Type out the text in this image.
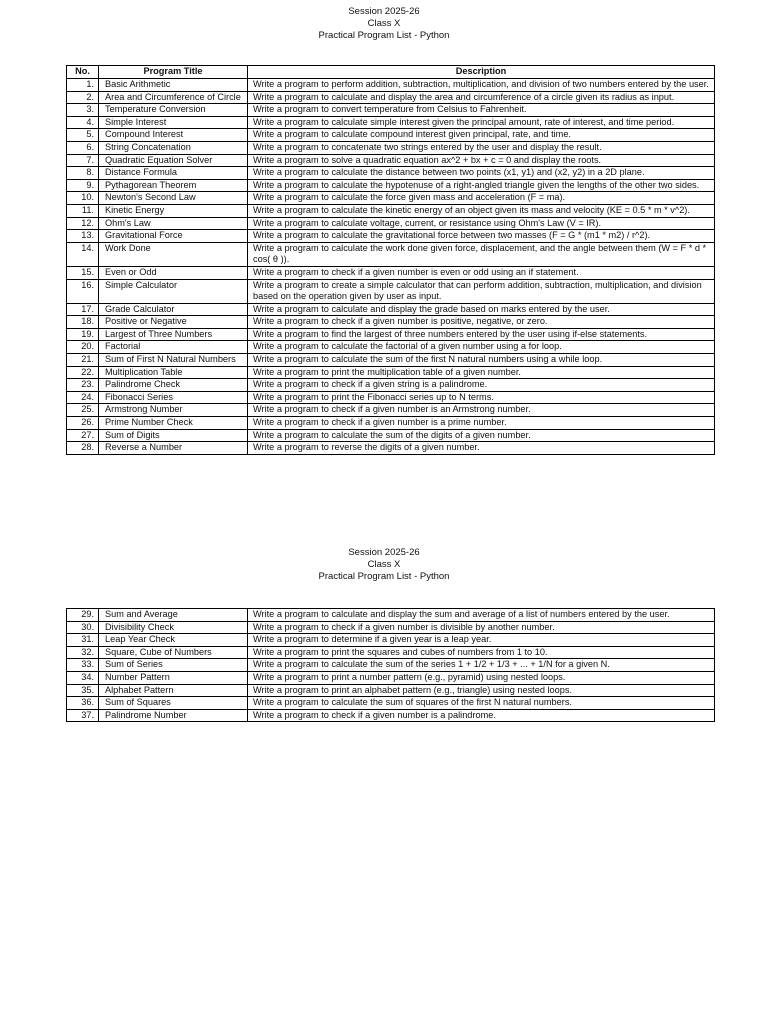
Session 2025-26
Class X
Practical Program List - Python
No.	Program Title	Description
1.	Basic Arithmetic	Write a program to perform addition, subtraction, multiplication, and division of two numbers entered by the user.
2.	Area and Circumference of Circle	Write a program to calculate and display the area and circumference of a circle given its radius as input.
3.	Temperature Conversion	Write a program to convert temperature from Celsius to Fahrenheit.
4.	Simple Interest	Write a program to calculate simple interest given the principal amount, rate of interest, and time period.
5.	Compound Interest	Write a program to calculate compound interest given principal, rate, and time.
6.	String Concatenation	Write a program to concatenate two strings entered by the user and display the result.
7.	Quadratic Equation Solver	Write a program to solve a quadratic equation ax^2 + bx + c = 0 and display the roots.
8.	Distance Formula	Write a program to calculate the distance between two points (x1, y1) and (x2, y2) in a 2D plane.
9.	Pythagorean Theorem	Write a program to calculate the hypotenuse of a right-angled triangle given the lengths of the other two sides.
10.	Newton's Second Law	Write a program to calculate the force given mass and acceleration (F = ma).
11.	Kinetic Energy	Write a program to calculate the kinetic energy of an object given its mass and velocity (KE = 0.5 * m * v^2).
12.	Ohm's Law	Write a program to calculate voltage, current, or resistance using Ohm's Law (V = IR).
13.	Gravitational Force	Write a program to calculate the gravitational force between two masses (F = G * (m1 * m2) / r^2).
14.	Work Done	Write a program to calculate the work done given force, displacement, and the angle between them (W = F * d * cos( θ )).
15.	Even or Odd	Write a program to check if a given number is even or odd using an if statement.
16.	Simple Calculator	Write a program to create a simple calculator that can perform addition, subtraction, multiplication, and division based on the operation given by user as input.
17.	Grade Calculator	Write a program to calculate and display the grade based on marks entered by the user.
18.	Positive or Negative	Write a program to check if a given number is positive, negative, or zero.
19.	Largest of Three Numbers	Write a program to find the largest of three numbers entered by the user using if-else statements.
20.	Factorial	Write a program to calculate the factorial of a given number using a for loop.
21.	Sum of First N Natural Numbers	Write a program to calculate the sum of the first N natural numbers using a while loop.
22.	Multiplication Table	Write a program to print the multiplication table of a given number.
23.	Palindrome Check	Write a program to check if a given string is a palindrome.
24.	Fibonacci Series	Write a program to print the Fibonacci series up to N terms.
25.	Armstrong Number	Write a program to check if a given number is an Armstrong number.
26.	Prime Number Check	Write a program to check if a given number is a prime number.
27.	Sum of Digits	Write a program to calculate the sum of the digits of a given number.
28.	Reverse a Number	Write a program to reverse the digits of a given number.
Session 2025-26
Class X
Practical Program List - Python
29.	Sum and Average	Write a program to calculate and display the sum and average of a list of numbers entered by the user.
30.	Divisibility Check	Write a program to check if a given number is divisible by another number.
31.	Leap Year Check	Write a program to determine if a given year is a leap year.
32.	Square, Cube of Numbers	Write a program to print the squares and cubes of numbers from 1 to 10.
33.	Sum of Series	Write a program to calculate the sum of the series 1 + 1/2 + 1/3 + ... + 1/N for a given N.
34.	Number Pattern	Write a program to print a number pattern (e.g., pyramid) using nested loops.
35.	Alphabet Pattern	Write a program to print an alphabet pattern (e.g., triangle) using nested loops.
36.	Sum of Squares	Write a program to calculate the sum of squares of the first N natural numbers.
37.	Palindrome Number	Write a program to check if a given number is a palindrome.
